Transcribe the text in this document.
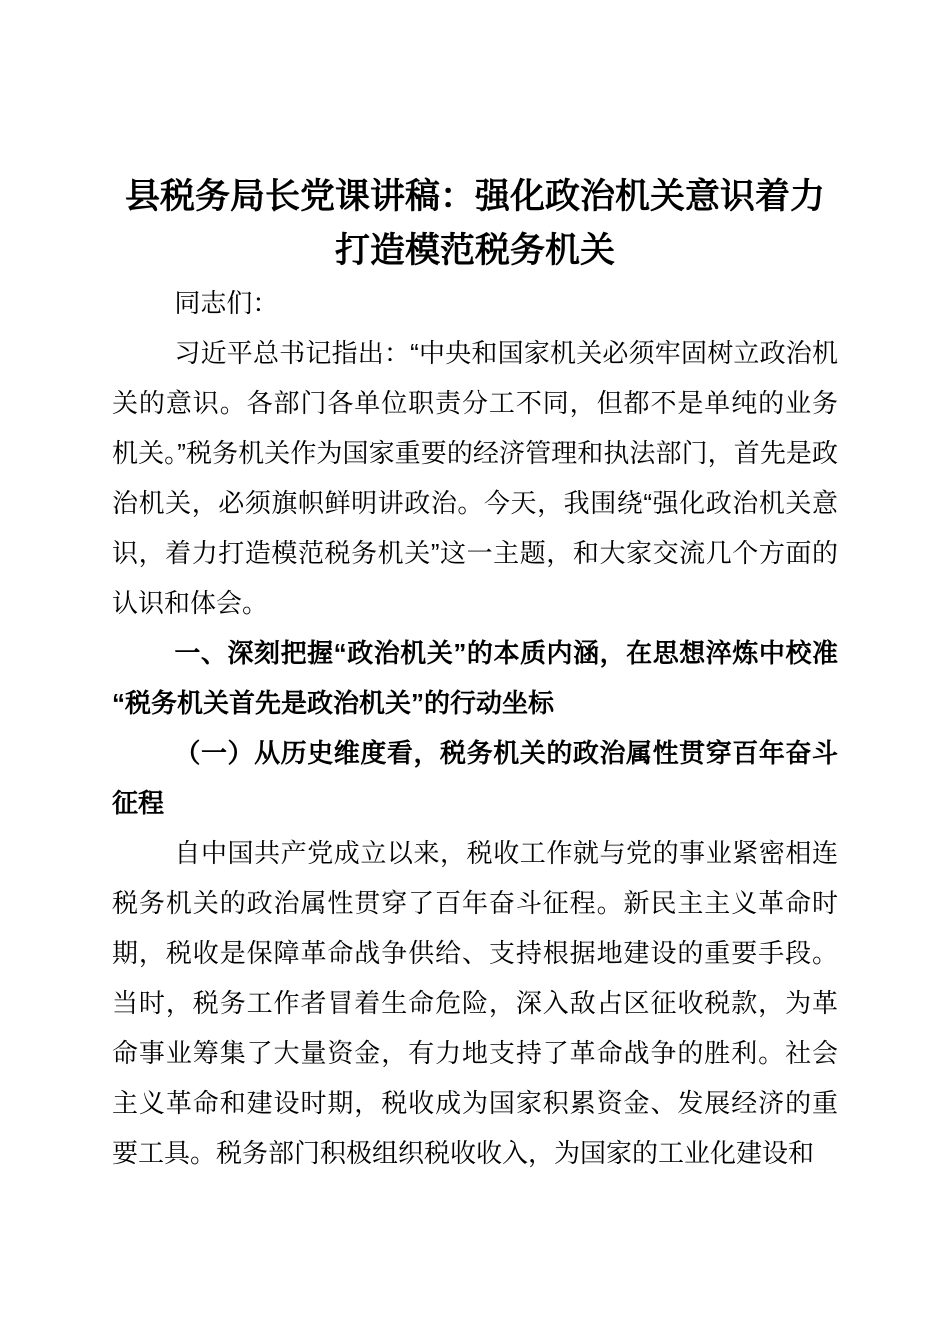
县税务局长党课讲稿：强化政治机关意识着力打造模范税务机关

同志们：

习近平总书记指出：“中央和国家机关必须牢固树立政治机关的意识。各部门各单位职责分工不同，但都不是单纯的业务机关。”税务机关作为国家重要的经济管理和执法部门，首先是政治机关，必须旗帜鲜明讲政治。今天，我围绕“强化政治机关意识，着力打造模范税务机关”这一主题，和大家交流几个方面的认识和体会。

一、深刻把握“政治机关”的本质内涵，在思想淬炼中校准“税务机关首先是政治机关”的行动坐标

（一）从历史维度看，税务机关的政治属性贯穿百年奋斗征程

自中国共产党成立以来，税收工作就与党的事业紧密相连税务机关的政治属性贯穿了百年奋斗征程。新民主主义革命时期，税收是保障革命战争供给、支持根据地建设的重要手段。当时，税务工作者冒着生命危险，深入敌占区征收税款，为革命事业筹集了大量资金，有力地支持了革命战争的胜利。社会主义革命和建设时期，税收成为国家积累资金、发展经济的重要工具。税务部门积极组织税收收入，为国家的工业化建设和
